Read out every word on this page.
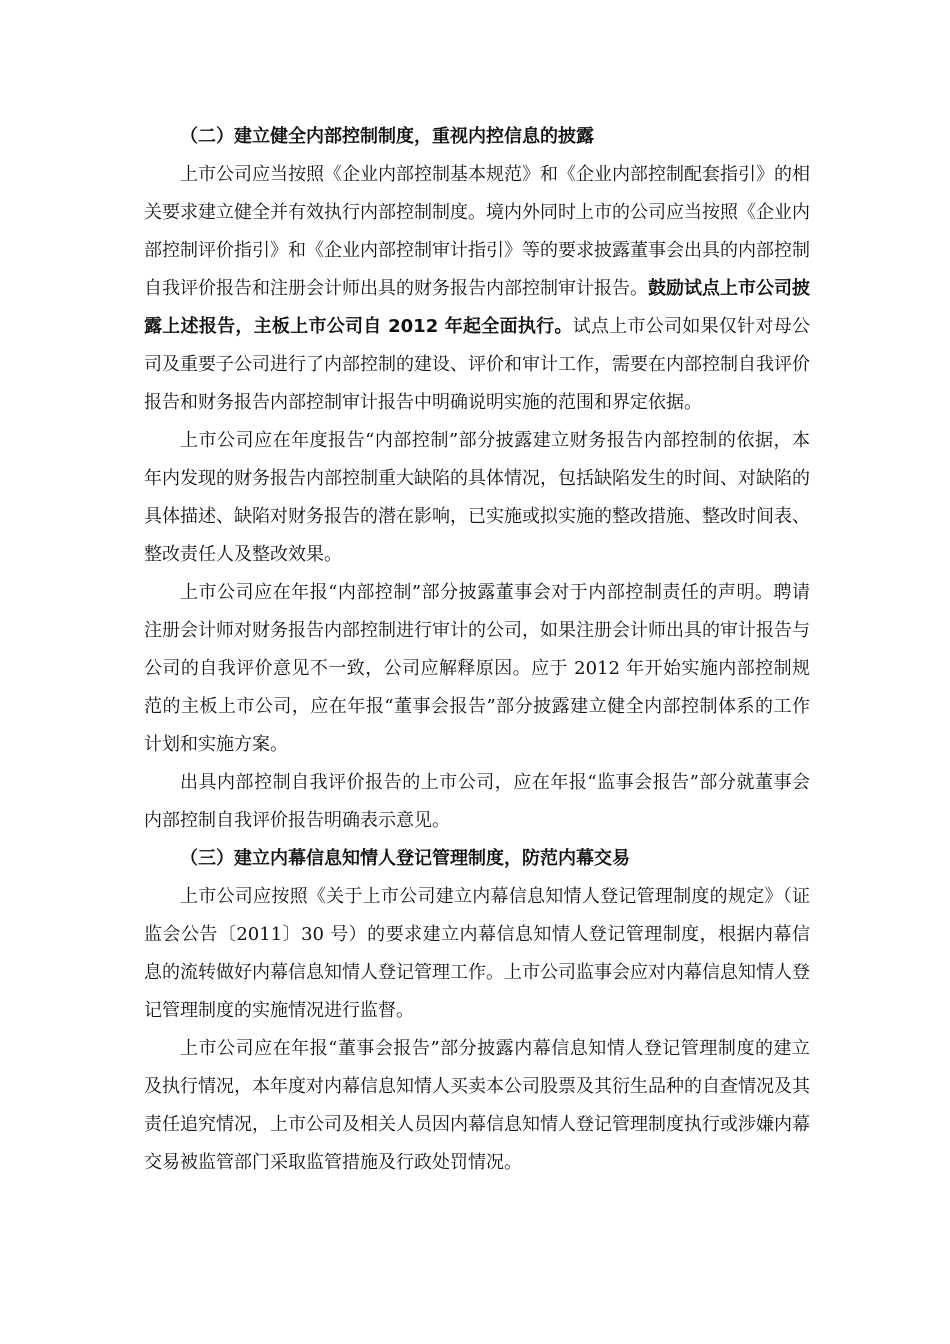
（二）建立健全内部控制制度，重视内控信息的披露

上市公司应当按照《企业内部控制基本规范》和《企业内部控制配套指引》的相关要求建立健全并有效执行内部控制制度。境内外同时上市的公司应当按照《企业内部控制评价指引》和《企业内部控制审计指引》等的要求披露董事会出具的内部控制自我评价报告和注册会计师出具的财务报告内部控制审计报告。鼓励试点上市公司披露上述报告，主板上市公司自 2012 年起全面执行。试点上市公司如果仅针对母公司及重要子公司进行了内部控制的建设、评价和审计工作，需要在内部控制自我评价报告和财务报告内部控制审计报告中明确说明实施的范围和界定依据。

上市公司应在年度报告“内部控制”部分披露建立财务报告内部控制的依据，本年内发现的财务报告内部控制重大缺陷的具体情况，包括缺陷发生的时间、对缺陷的具体描述、缺陷对财务报告的潜在影响，已实施或拟实施的整改措施、整改时间表、整改责任人及整改效果。

上市公司应在年报“内部控制”部分披露董事会对于内部控制责任的声明。聘请注册会计师对财务报告内部控制进行审计的公司，如果注册会计师出具的审计报告与公司的自我评价意见不一致，公司应解释原因。应于 2012 年开始实施内部控制规范的主板上市公司，应在年报“董事会报告”部分披露建立健全内部控制体系的工作计划和实施方案。

出具内部控制自我评价报告的上市公司，应在年报“监事会报告”部分就董事会内部控制自我评价报告明确表示意见。

（三）建立内幕信息知情人登记管理制度，防范内幕交易

上市公司应按照《关于上市公司建立内幕信息知情人登记管理制度的规定》（证监会公告〔2011〕30 号）的要求建立内幕信息知情人登记管理制度，根据内幕信息的流转做好内幕信息知情人登记管理工作。上市公司监事会应对内幕信息知情人登记管理制度的实施情况进行监督。

上市公司应在年报“董事会报告”部分披露内幕信息知情人登记管理制度的建立及执行情况，本年度对内幕信息知情人买卖本公司股票及其衍生品种的自查情况及其责任追究情况，上市公司及相关人员因内幕信息知情人登记管理制度执行或涉嫌内幕交易被监管部门采取监管措施及行政处罚情况。
